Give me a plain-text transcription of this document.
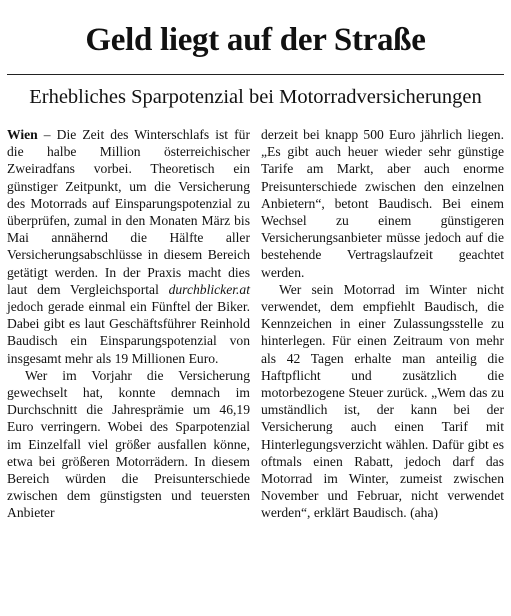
Geld liegt auf der Straße
Erhebliches Sparpotenzial bei Motorradversicherungen

Wien – Die Zeit des Winterschlafs ist für die halbe Million österreichischer Zweiradfans vorbei. Theoretisch ein günstiger Zeitpunkt, um die Versicherung des Motorrads auf Einsparungspotenzial zu überprüfen, zumal in den Monaten März bis Mai annähernd die Hälfte aller Versicherungsabschlüsse in diesem Bereich getätigt werden. In der Praxis macht dies laut dem Vergleichsportal durchblicker.at jedoch gerade einmal ein Fünftel der Biker. Dabei gibt es laut Geschäftsführer Reinhold Baudisch ein Einsparungspotenzial von insgesamt mehr als 19 Millionen Euro.

Wer im Vorjahr die Versicherung gewechselt hat, konnte demnach im Durchschnitt die Jahresprämie um 46,19 Euro verringern. Wobei des Sparpotenzial im Einzelfall viel größer ausfallen könne, etwa bei größeren Motorrädern. In diesem Bereich würden die Preisunterschiede zwischen dem günstigsten und teuersten Anbieter

derzeit bei knapp 500 Euro jährlich liegen. „Es gibt auch heuer wieder sehr günstige Tarife am Markt, aber auch enorme Preisunterschiede zwischen den einzelnen Anbietern“, betont Baudisch. Bei einem Wechsel zu einem günstigeren Versicherungsanbieter müsse jedoch auf die bestehende Vertragslaufzeit geachtet werden.

Wer sein Motorrad im Winter nicht verwendet, dem empfiehlt Baudisch, die Kennzeichen in einer Zulassungsstelle zu hinterlegen. Für einen Zeitraum von mehr als 42 Tagen erhalte man anteilig die Haftpflicht und zusätzlich die motorbezogene Steuer zurück. „Wem das zu umständlich ist, der kann bei der Versicherung auch einen Tarif mit Hinterlegungsverzicht wählen. Dafür gibt es oftmals einen Rabatt, jedoch darf das Motorrad im Winter, zumeist zwischen November und Februar, nicht verwendet werden“, erklärt Baudisch. (aha)
